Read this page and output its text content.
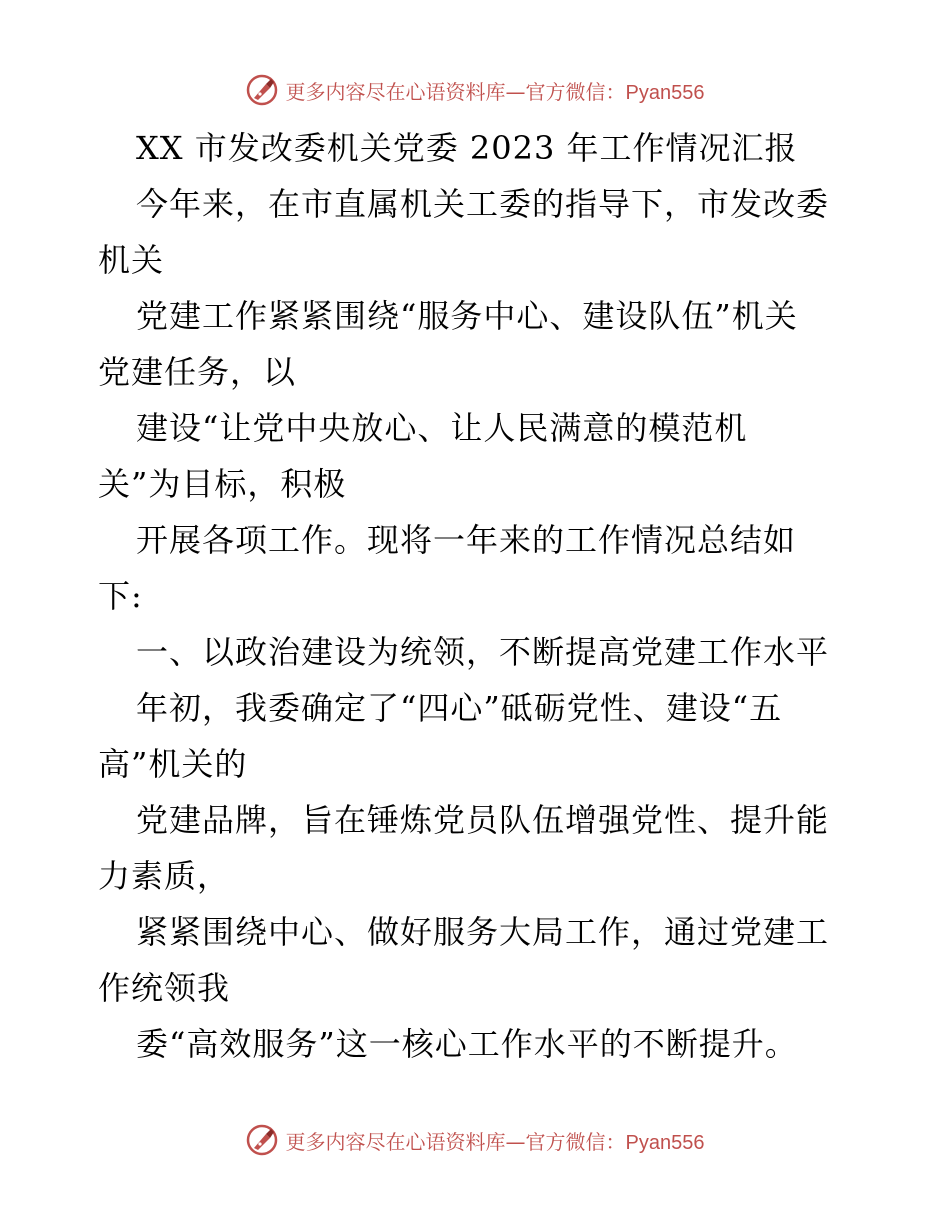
更多内容尽在心语资料库—官方微信：Pyan556
XX 市发改委机关党委 2023 年工作情况汇报
今年来，在市直属机关工委的指导下，市发改委
机关
党建工作紧紧围绕“服务中心、建设队伍”机关
党建任务，以
建设“让党中央放心、让人民满意的模范机
关”为目标，积极
开展各项工作。现将一年来的工作情况总结如
下:
一、以政治建设为统领，不断提高党建工作水平
年初，我委确定了“四心”砥砺党性、建设“五
高”机关的
党建品牌，旨在锤炼党员队伍增强党性、提升能
力素质，
紧紧围绕中心、做好服务大局工作，通过党建工
作统领我
委“高效服务”这一核心工作水平的不断提升。
更多内容尽在心语资料库—官方微信：Pyan556
